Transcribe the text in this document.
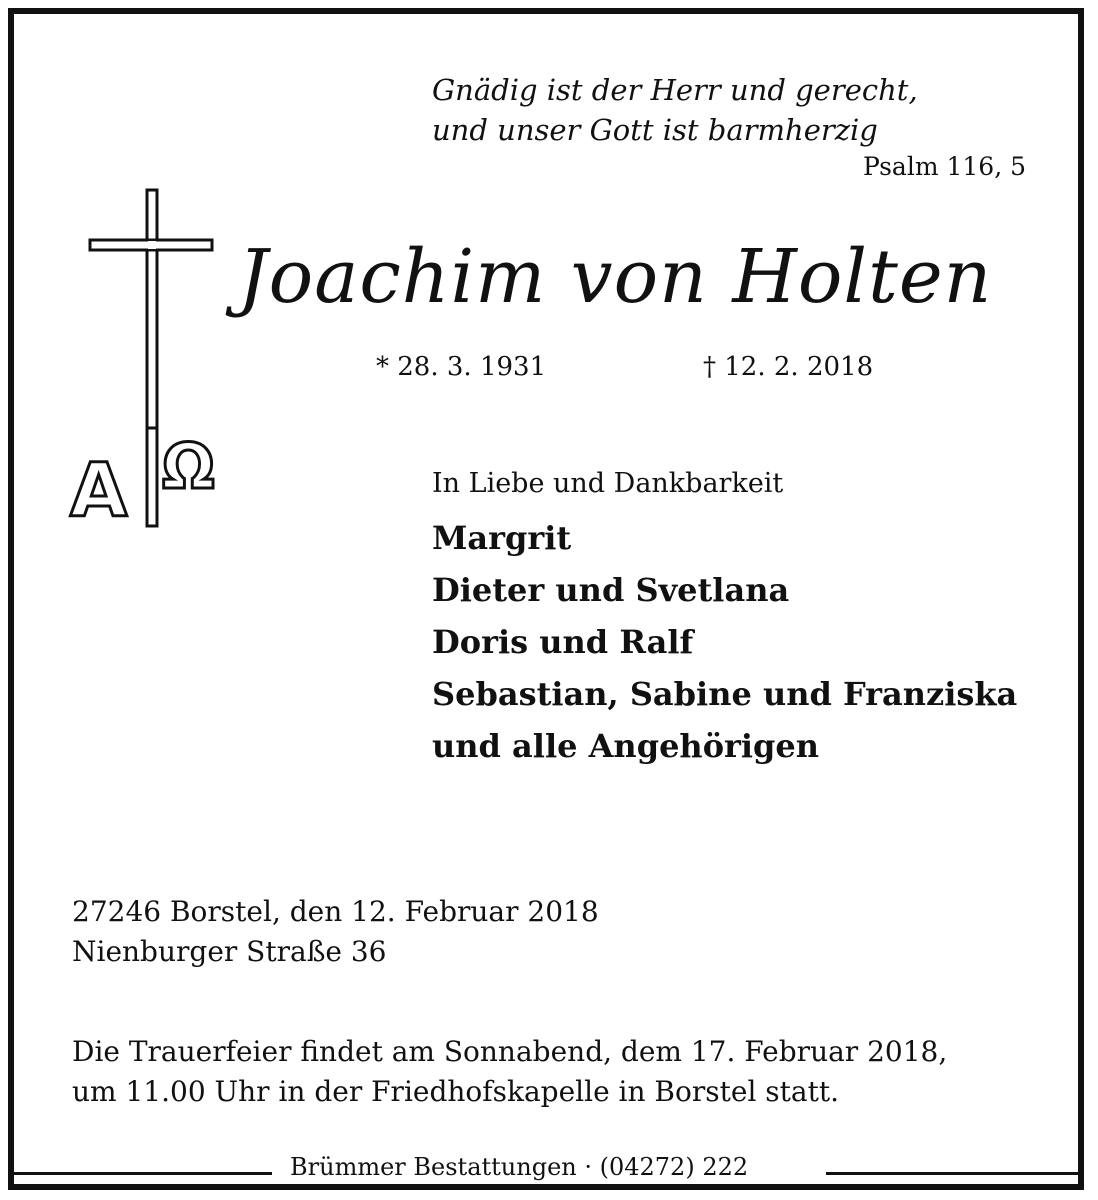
Gnädig ist der Herr und gerecht,
und unser Gott ist barmherzig
Psalm 116, 5
A Ω
Joachim von Holten
* 28. 3. 1931	† 12. 2. 2018
In Liebe und Dankbarkeit
Margrit
Dieter und Svetlana
Doris und Ralf
Sebastian, Sabine und Franziska
und alle Angehörigen
27246 Borstel, den 12. Februar 2018
Nienburger Straße 36
Die Trauerfeier findet am Sonnabend, dem 17. Februar 2018,
um 11.00 Uhr in der Friedhofskapelle in Borstel statt.
Brümmer Bestattungen · (04272) 222
